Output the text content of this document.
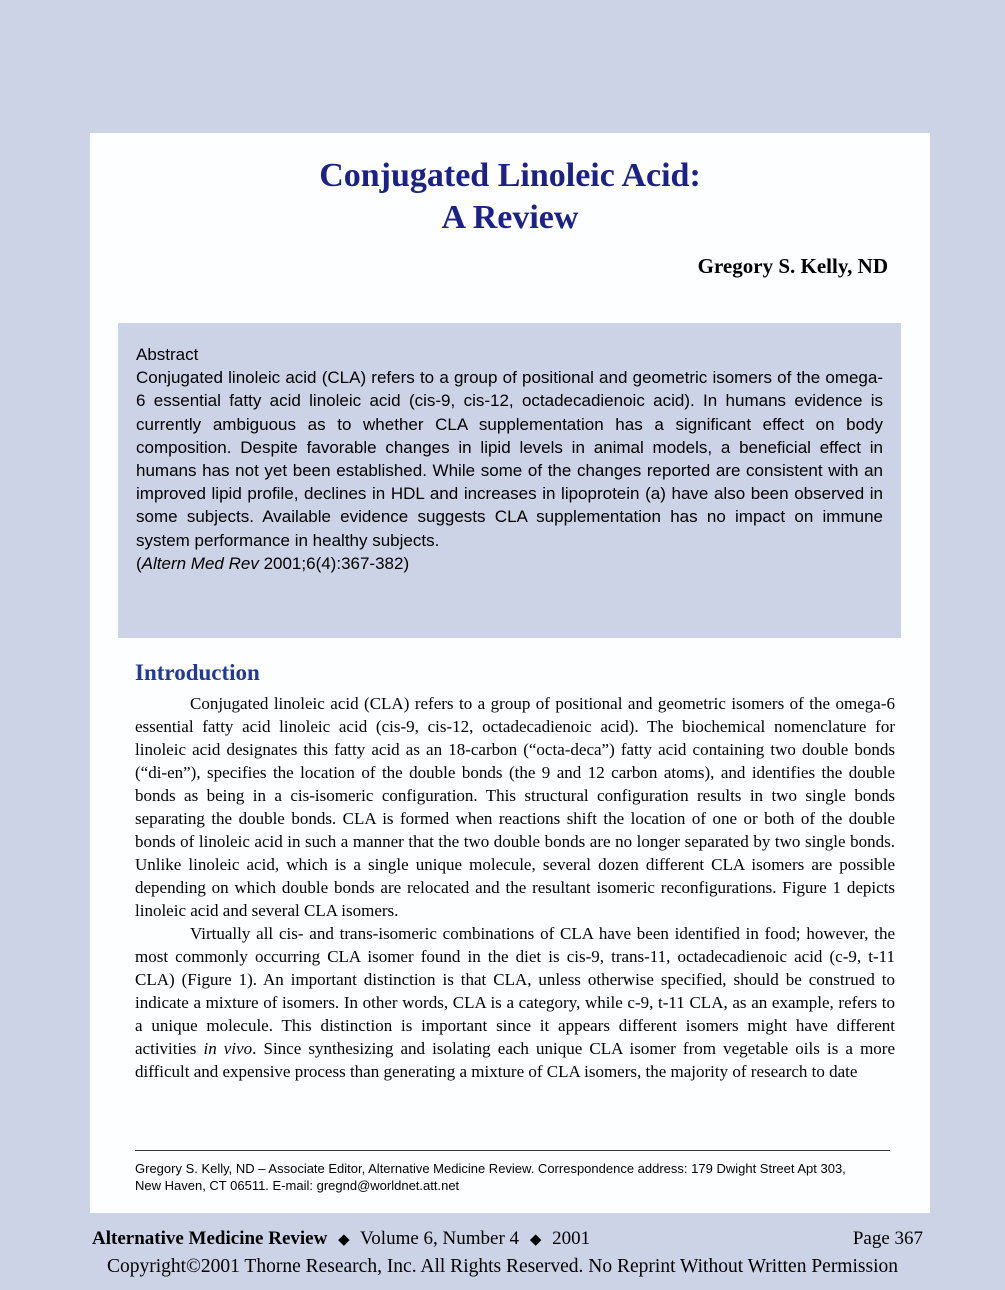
Conjugated Linoleic Acid:
A Review
Gregory S. Kelly, ND
Abstract

Conjugated linoleic acid (CLA) refers to a group of positional and geometric isomers of the omega-6 essential fatty acid linoleic acid (cis-9, cis-12, octadecadienoic acid). In humans evidence is currently ambiguous as to whether CLA supplementation has a significant effect on body composition. Despite favorable changes in lipid levels in animal models, a beneficial effect in humans has not yet been established. While some of the changes reported are consistent with an improved lipid profile, declines in HDL and increases in lipoprotein (a) have also been observed in some subjects. Available evidence suggests CLA supplementation has no impact on immune system performance in healthy subjects.

(Altern Med Rev 2001;6(4):367-382)
Introduction

Conjugated linoleic acid (CLA) refers to a group of positional and geometric isomers of the omega-6 essential fatty acid linoleic acid (cis-9, cis-12, octadecadienoic acid). The biochemical nomenclature for linoleic acid designates this fatty acid as an 18-carbon (“octa-deca”) fatty acid containing two double bonds (“di-en”), specifies the location of the double bonds (the 9 and 12 carbon atoms), and identifies the double bonds as being in a cis-isomeric configuration. This structural configuration results in two single bonds separating the double bonds. CLA is formed when reactions shift the location of one or both of the double bonds of linoleic acid in such a manner that the two double bonds are no longer separated by two single bonds. Unlike linoleic acid, which is a single unique molecule, several dozen different CLA isomers are possible depending on which double bonds are relocated and the resultant isomeric reconfigurations. Figure 1 depicts linoleic acid and several CLA isomers.

Virtually all cis- and trans-isomeric combinations of CLA have been identified in food; however, the most commonly occurring CLA isomer found in the diet is cis-9, trans-11, octadecadienoic acid (c-9, t-11 CLA) (Figure 1). An important distinction is that CLA, unless otherwise specified, should be construed to indicate a mixture of isomers. In other words, CLA is a category, while c-9, t-11 CLA, as an example, refers to a unique molecule. This distinction is important since it appears different isomers might have different activities in vivo. Since synthesizing and isolating each unique CLA isomer from vegetable oils is a more difficult and expensive process than generating a mixture of CLA isomers, the majority of research to date

Gregory S. Kelly, ND – Associate Editor, Alternative Medicine Review. Correspondence address: 179 Dwight Street Apt 303,
New Haven, CT 06511. E-mail: gregnd@worldnet.att.net
Alternative Medicine Review ◆ Volume 6, Number 4 ◆ 2001	Page 367
Copyright©2001 Thorne Research, Inc. All Rights Reserved. No Reprint Without Written Permission
